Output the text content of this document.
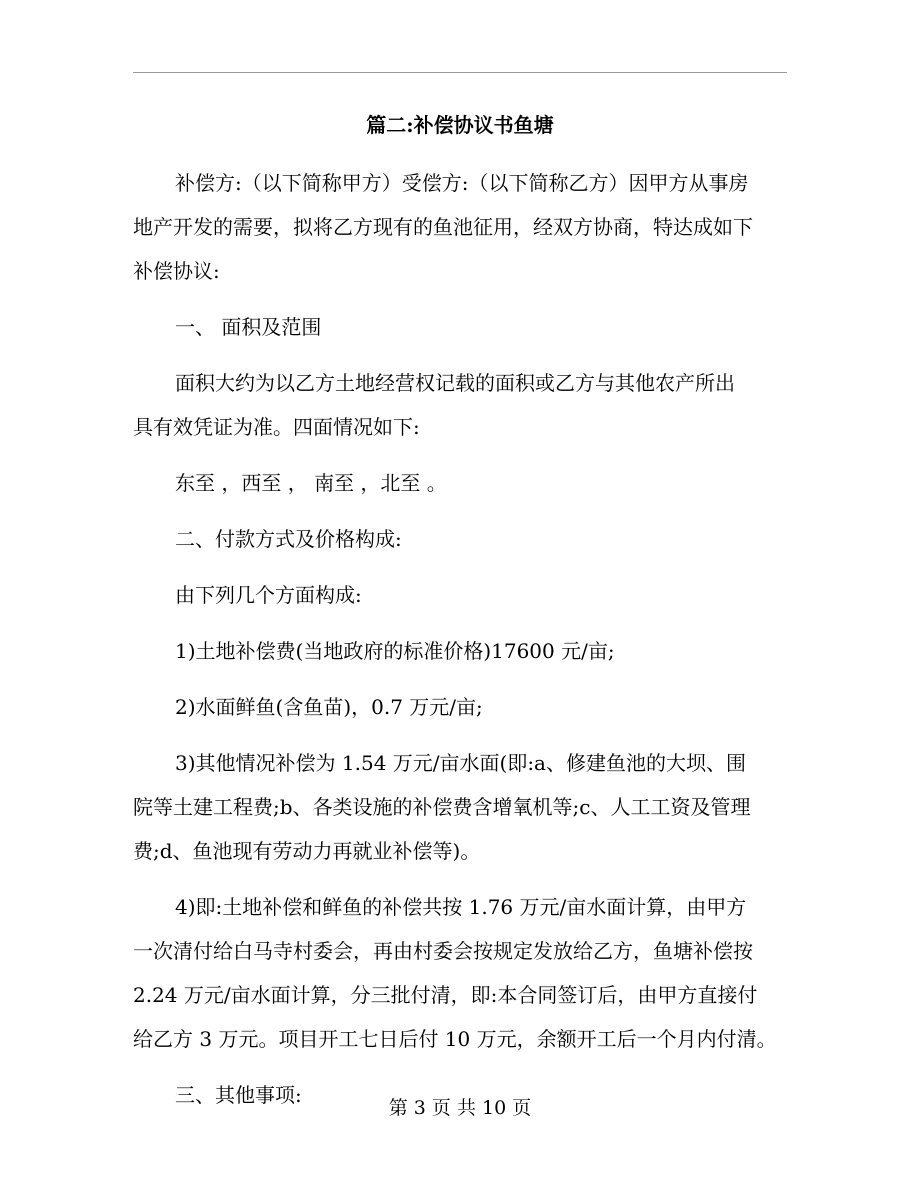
篇二:补偿协议书鱼塘
补偿方:（以下简称甲方）受偿方:（以下简称乙方）因甲方从事房
地产开发的需要，拟将乙方现有的鱼池征用，经双方协商，特达成如下
补偿协议:
一、 面积及范围
面积大约为以乙方土地经营权记载的面积或乙方与其他农产所出
具有效凭证为准。四面情况如下:
东至 ，西至 ， 南至 ，北至 。
二、付款方式及价格构成:
由下列几个方面构成:
1)土地补偿费(当地政府的标准价格)17600 元/亩;
2)水面鲜鱼(含鱼苗)，0.7 万元/亩;
3)其他情况补偿为 1.54 万元/亩水面(即:a、修建鱼池的大坝、围
院等土建工程费;b、各类设施的补偿费含增氧机等;c、人工工资及管理
费;d、鱼池现有劳动力再就业补偿等)。
4)即:土地补偿和鲜鱼的补偿共按 1.76 万元/亩水面计算，由甲方
一次清付给白马寺村委会，再由村委会按规定发放给乙方，鱼塘补偿按
2.24 万元/亩水面计算，分三批付清，即:本合同签订后，由甲方直接付
给乙方 3 万元。项目开工七日后付 10 万元，余额开工后一个月内付清。
三、其他事项:
第 3 页 共 10 页
